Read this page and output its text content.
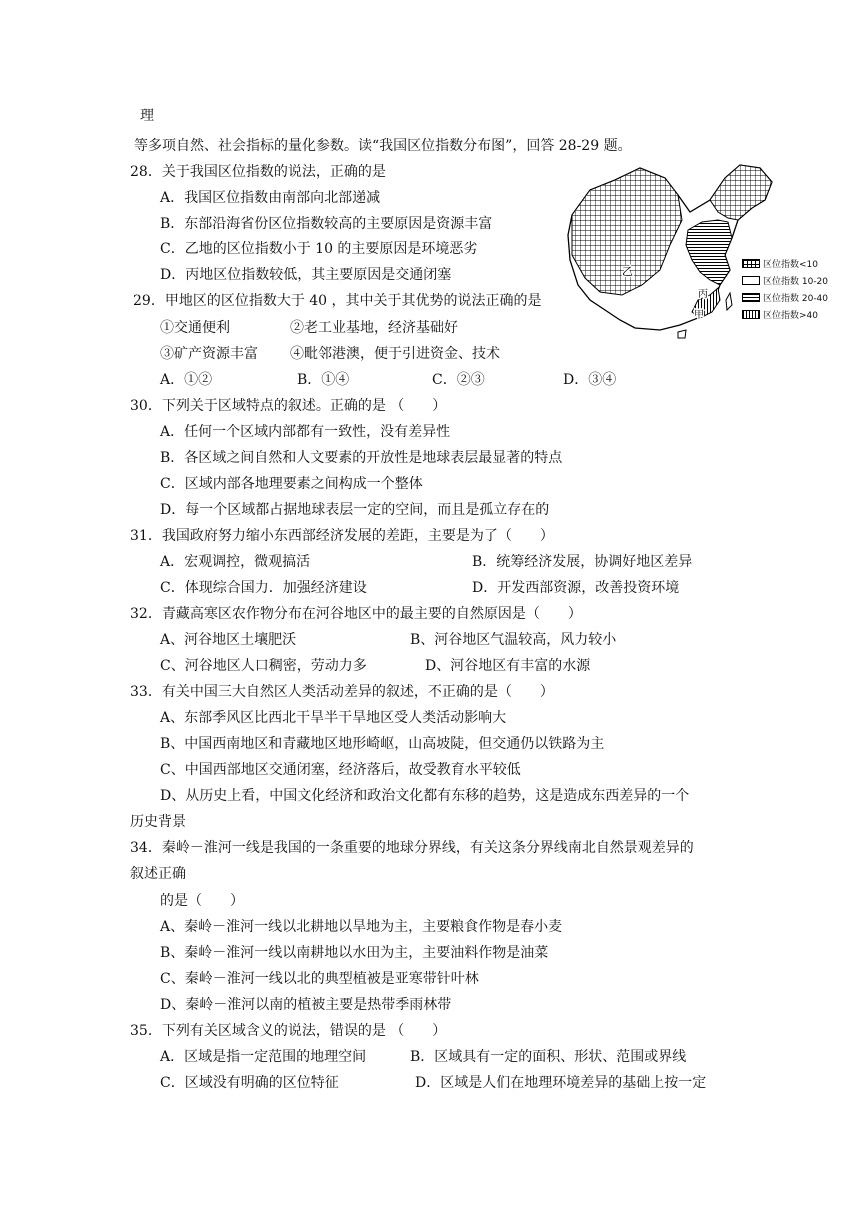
理
等多项自然、社会指标的量化参数。读“我国区位指数分布图”，回答 28-29 题。
28．关于我国区位指数的说法，正确的是
A．我国区位指数由南部向北部递减
B．东部沿海省份区位指数较高的主要原因是资源丰富
C．乙地的区位指数小于 10 的主要原因是环境恶劣
D．丙地区位指数较低，其主要原因是交通闭塞
29．甲地区的区位指数大于 40 ，其中关于其优势的说法正确的是
①交通便利	②老工业基地，经济基础好
③矿产资源丰富 ④毗邻港澳，便于引进资金、技术
A．①②	B．①④	C．②③	D．③④
30．下列关于区域特点的叙述。正确的是 （　　）
A．任何一个区域内部都有一致性，没有差异性
B．各区域之间自然和人文要素的开放性是地球表层最显著的特点
C．区域内部各地理要素之间构成一个整体
D．每一个区域都占据地球表层一定的空间，而且是孤立存在的
31．我国政府努力缩小东西部经济发展的差距，主要是为了（　　）
A．宏观调控，微观搞活	B．统筹经济发展，协调好地区差异
C．体现综合国力．加强经济建设	D．开发西部资源，改善投资环境
32．青藏高寒区农作物分布在河谷地区中的最主要的自然原因是（　　）
A、河谷地区土壤肥沃	B、河谷地区气温较高，风力较小
C、河谷地区人口稠密，劳动力多	D、河谷地区有丰富的水源
33．有关中国三大自然区人类活动差异的叙述，不正确的是（　　）
A、东部季风区比西北干旱半干旱地区受人类活动影响大
B、中国西南地区和青藏地区地形崎岖，山高坡陡，但交通仍以铁路为主
C、中国西部地区交通闭塞，经济落后，故受教育水平较低
D、从历史上看，中国文化经济和政治文化都有东移的趋势，这是造成东西差异的一个
历史背景
34．秦岭－淮河一线是我国的一条重要的地球分界线，有关这条分界线南北自然景观差异的
叙述正确
的是（　　）
A、秦岭－淮河一线以北耕地以旱地为主，主要粮食作物是春小麦
B、秦岭－淮河一线以南耕地以水田为主，主要油料作物是油菜
C、秦岭－淮河一线以北的典型植被是亚寒带针叶林
D、秦岭－淮河以南的植被主要是热带季雨林带
35．下列有关区域含义的说法，错误的是 （　　）
A．区域是指一定范围的地理空间	B．区域具有一定的面积、形状、范围或界线
C．区域没有明确的区位特征	D．区域是人们在地理环境差异的基础上按一定
乙
丙
甲
区位指数<10
区位指数 10-20
区位指数 20-40
区位指数>40
